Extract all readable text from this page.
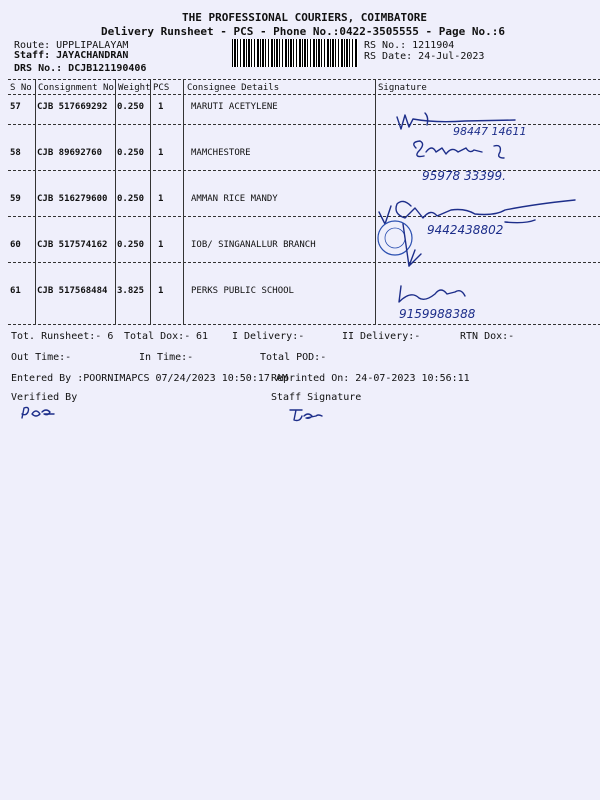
THE PROFESSIONAL COURIERS, COIMBATORE
Delivery Runsheet - PCS - Phone No.:0422-3505555 - Page No.:6
Route: UPPLIPALAYAM
Staff: JAYACHANDRAN
DRS No.: DCJB121190406
RS No.: 1211904
RS Date: 24-Jul-2023
S No Consignment No Weight PCS Consignee Details	Signature
57 CJB 517669292 0.250 1	MARUTI ACETYLENE
58 CJB 89692760 0.250 1	MAMCHESTORE
59 CJB 516279600 0.250 1	AMMAN RICE MANDY
60 CJB 517574162 0.250 1	IOB/ SINGANALLUR BRANCH
61 CJB 517568484 3.825 1	PERKS PUBLIC SCHOOL
98447 14611
95978 33399.
9442438802
9159988388
Tot. Runsheet:- 6 Total Dox:- 61 I Delivery:-	II Delivery:-	RTN Dox:-
Out Time:-	In Time:-	Total POD:-
Entered By :POORNIMAPCS 07/24/2023 10:50:17 AM
Reprinted On: 24-07-2023 10:56:11
Verified By	Staff Signature
